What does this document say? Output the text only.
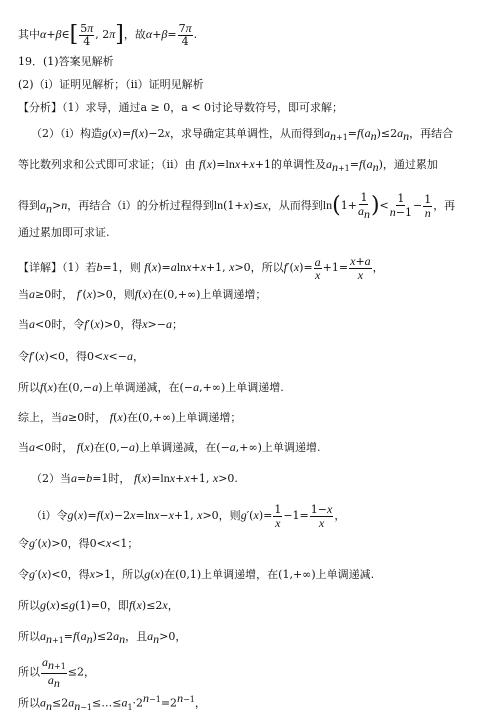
其中α+β∈[ $\frac{5\pi}{4}$ , 2π]，故$\alpha+\beta= \frac{7\pi}{4}$ .
19．(1)答案见解析
(2)（ⅰ）证明见解析；（ⅱ）证明见解析
【分析】（1）求导，通过a ≥ 0，a < 0讨论导数符号，即可求解；
（2）（ⅰ）构造g(x)=f(x)−2x，求导确定其单调性，从而得到$a_{n+1}=f(a_n)\le 2a_n$，再结合
等比数列求和公式即可求证；（ⅱ）由 f(x)=lnx+x+1的单调性及$a_{n+1}=f(a_n)$，通过累加
得到$a_n>n$，再结合（ⅰ）的分析过程得到ln(1+x)≤x，从而得到$\ln(1+ \frac{1}{a_n}$ )< $\frac{1}{n-1} - \frac{1}{n}$ ，再
通过累加即可求证.
【详解】（1）若b=1，则 f(x)=alnx+x+1, x>0，所以$f'(x)= \frac{a}{x} +1= \frac{x+a}{x}$ ，
当a≥0时， f′(x)>0，则f(x)在(0,+∞)上单调递增；
当a<0时，令f′(x)>0，得x>−a；
令f′(x)<0，得0<x<−a，
所以f(x)在(0,−a)上单调递减，在(−a,+∞)上单调递增.
综上，当a≥0时， f(x)在(0,+∞)上单调递增；
当a<0时， f(x)在(0,−a)上单调递减，在(−a,+∞)上单调递增.
（2）当a=b=1时， f(x)=lnx+x+1, x>0.
（ⅰ）令g(x)=f(x)−2x=lnx−x+1, x>0，则$g'(x)= \frac{1}{x} -1= \frac{1-x}{x}$ ，
令g′(x)>0，得0<x<1；
令g′(x)<0，得x>1，所以g(x)在(0,1)上单调递增，在(1,+∞)上单调递减.
所以g(x)≤g(1)=0，即f(x)≤2x，
所以$a_{n+1}=f(a_n)\le 2a_n$，且$a_n>0$，
所以 $\frac{a_{n+1}}{a_n} \le 2$，
所以$a_n\le 2a_{n-1}\le\dots\le a_1\cdot 2^{n-1}=2^{n-1}$，
